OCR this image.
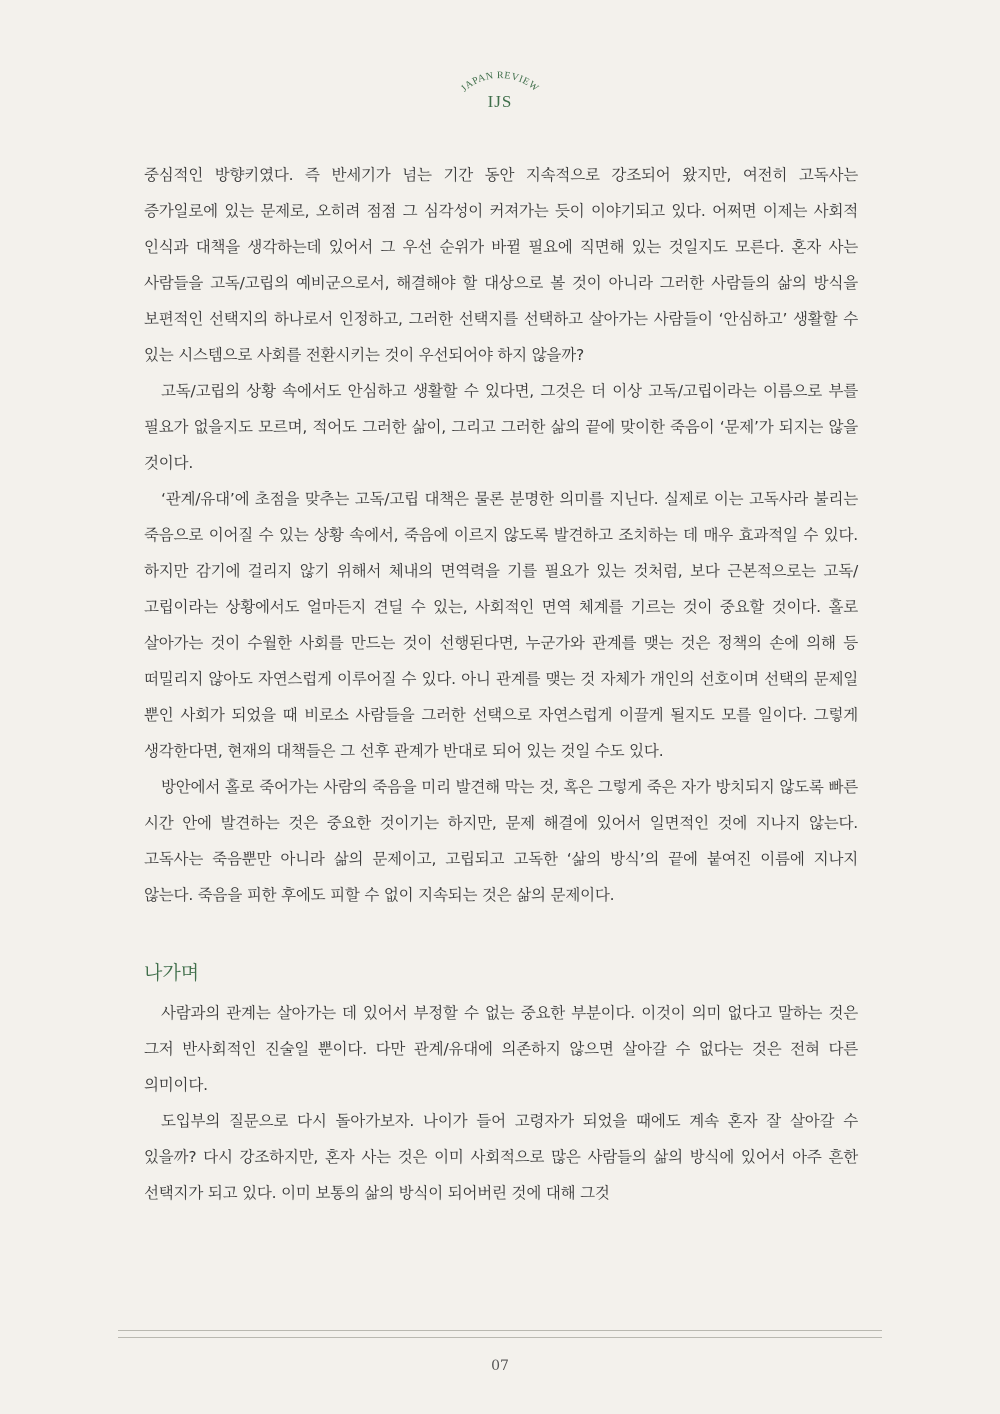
JAPAN REVIEW
IJS

중심적인 방향키였다. 즉 반세기가 넘는 기간 동안 지속적으로 강조되어 왔지만, 여전히 고독사는 증가일로에 있는 문제로, 오히려 점점 그 심각성이 커져가는 듯이 이야기되고 있다. 어쩌면 이제는 사회적 인식과 대책을 생각하는데 있어서 그 우선 순위가 바뀔 필요에 직면해 있는 것일지도 모른다. 혼자 사는 사람들을 고독/고립의 예비군으로서, 해결해야 할 대상으로 볼 것이 아니라 그러한 사람들의 삶의 방식을 보편적인 선택지의 하나로서 인정하고, 그러한 선택지를 선택하고 살아가는 사람들이 ‘안심하고’ 생활할 수 있는 시스템으로 사회를 전환시키는 것이 우선되어야 하지 않을까?

고독/고립의 상황 속에서도 안심하고 생활할 수 있다면, 그것은 더 이상 고독/고립이라는 이름으로 부를 필요가 없을지도 모르며, 적어도 그러한 삶이, 그리고 그러한 삶의 끝에 맞이한 죽음이 ‘문제’가 되지는 않을 것이다.

‘관계/유대’에 초점을 맞추는 고독/고립 대책은 물론 분명한 의미를 지닌다. 실제로 이는 고독사라 불리는 죽음으로 이어질 수 있는 상황 속에서, 죽음에 이르지 않도록 발견하고 조치하는 데 매우 효과적일 수 있다. 하지만 감기에 걸리지 않기 위해서 체내의 면역력을 기를 필요가 있는 것처럼, 보다 근본적으로는 고독/고립이라는 상황에서도 얼마든지 견딜 수 있는, 사회적인 면역 체계를 기르는 것이 중요할 것이다. 홀로 살아가는 것이 수월한 사회를 만드는 것이 선행된다면, 누군가와 관계를 맺는 것은 정책의 손에 의해 등 떠밀리지 않아도 자연스럽게 이루어질 수 있다. 아니 관계를 맺는 것 자체가 개인의 선호이며 선택의 문제일 뿐인 사회가 되었을 때 비로소 사람들을 그러한 선택으로 자연스럽게 이끌게 될지도 모를 일이다. 그렇게 생각한다면, 현재의 대책들은 그 선후 관계가 반대로 되어 있는 것일 수도 있다.

방안에서 홀로 죽어가는 사람의 죽음을 미리 발견해 막는 것, 혹은 그렇게 죽은 자가 방치되지 않도록 빠른 시간 안에 발견하는 것은 중요한 것이기는 하지만, 문제 해결에 있어서 일면적인 것에 지나지 않는다. 고독사는 죽음뿐만 아니라 삶의 문제이고, 고립되고 고독한 ‘삶의 방식’의 끝에 붙여진 이름에 지나지 않는다. 죽음을 피한 후에도 피할 수 없이 지속되는 것은 삶의 문제이다.

나가며

사람과의 관계는 살아가는 데 있어서 부정할 수 없는 중요한 부분이다. 이것이 의미 없다고 말하는 것은 그저 반사회적인 진술일 뿐이다. 다만 관계/유대에 의존하지 않으면 살아갈 수 없다는 것은 전혀 다른 의미이다.

도입부의 질문으로 다시 돌아가보자. 나이가 들어 고령자가 되었을 때에도 계속 혼자 잘 살아갈 수 있을까? 다시 강조하지만, 혼자 사는 것은 이미 사회적으로 많은 사람들의 삶의 방식에 있어서 아주 흔한 선택지가 되고 있다. 이미 보통의 삶의 방식이 되어버린 것에 대해 그것

07
